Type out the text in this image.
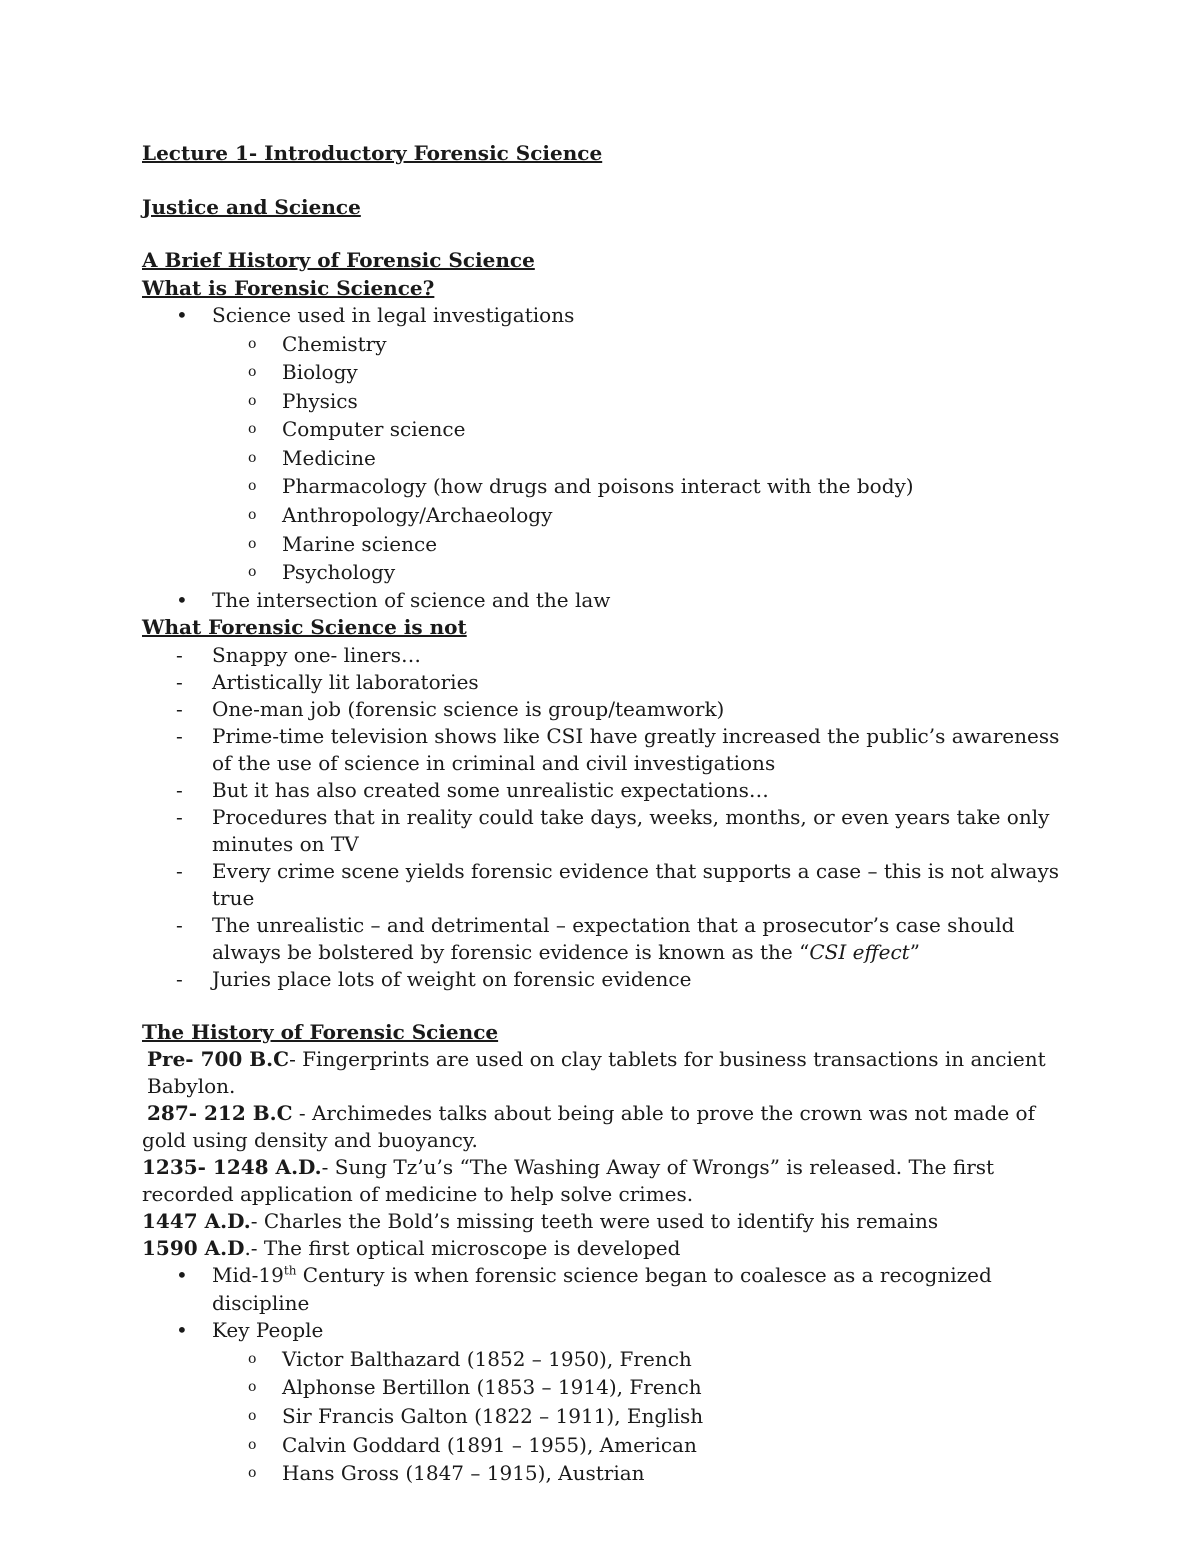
Lecture 1- Introductory Forensic Science
Justice and Science
A Brief History of Forensic Science
What is Forensic Science?
• Science used in legal investigations
o Chemistry
o Biology
o Physics
o Computer science
o Medicine
o Pharmacology (how drugs and poisons interact with the body)
o Anthropology/Archaeology
o Marine science
o Psychology
• The intersection of science and the law
What Forensic Science is not
- Snappy one- liners…
- Artistically lit laboratories
- One-man job (forensic science is group/teamwork)
- Prime-time television shows like CSI have greatly increased the public’s awareness of the use of science in criminal and civil investigations
- But it has also created some unrealistic expectations…
- Procedures that in reality could take days, weeks, months, or even years take only minutes on TV
- Every crime scene yields forensic evidence that supports a case – this is not always true
- The unrealistic – and detrimental – expectation that a prosecutor’s case should always be bolstered by forensic evidence is known as the “CSI effect”
- Juries place lots of weight on forensic evidence
The History of Forensic Science

Pre- 700 B.C- Fingerprints are used on clay tablets for business transactions in ancient Babylon.

287- 212 B.C - Archimedes talks about being able to prove the crown was not made of gold using density and buoyancy.

1235- 1248 A.D.- Sung Tz’u’s “The Washing Away of Wrongs” is released. The first recorded application of medicine to help solve crimes.

1447 A.D.- Charles the Bold’s missing teeth were used to identify his remains

1590 A.D.- The first optical microscope is developed

• Mid-19th Century is when forensic science began to coalesce as a recognized discipline
• Key People
o Victor Balthazard (1852 – 1950), French
o Alphonse Bertillon (1853 – 1914), French
o Sir Francis Galton (1822 – 1911), English
o Calvin Goddard (1891 – 1955), American
o Hans Gross (1847 – 1915), Austrian
